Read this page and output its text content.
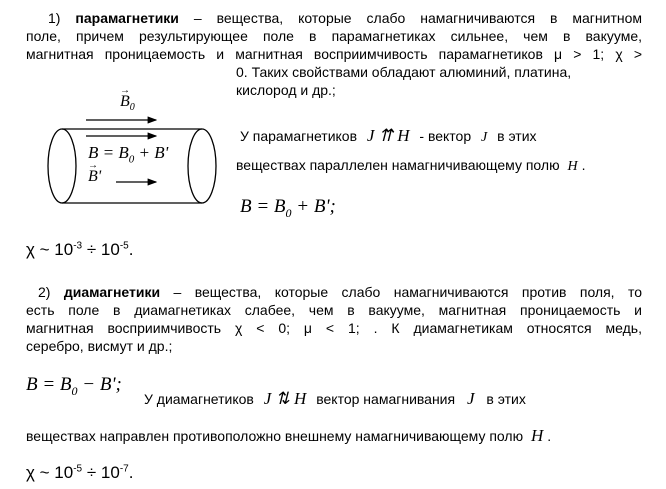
1) парамагнетики – вещества, которые слабо намагничиваются в магнитном
поле, причем результирующее поле в парамагнетиках сильнее, чем в вакууме,
магнитная проницаемость и магнитная восприимчивость парамагнетиков μ > 1; χ >
0. Таких свойствами обладают алюминий, платина,
кислород и др.;
→
$B_0$
$B = B_0 + B'$
→
B'
У парамагнетиков J ⇈ H - вектор J в этих
веществах параллелен намагничивающему полю H .
$B = B_0 + B'$;
χ ~ $10^{-3} \div 10^{-5}$.
2) диамагнетики – вещества, которые слабо намагничиваются против поля, то
есть поле в диамагнетиках слабее, чем в вакууме, магнитная проницаемость и
магнитная восприимчивость χ < 0; μ < 1; . К диамагнетикам относятся медь,
серебро, висмут и др.;
$B = B_0 - B'$;
У диамагнетиков J ⇅ H вектор намагнивания J в этих
веществах направлен противоположно внешнему намагничивающему полю H .
χ ~ $10^{-5} \div 10^{-7}$.
